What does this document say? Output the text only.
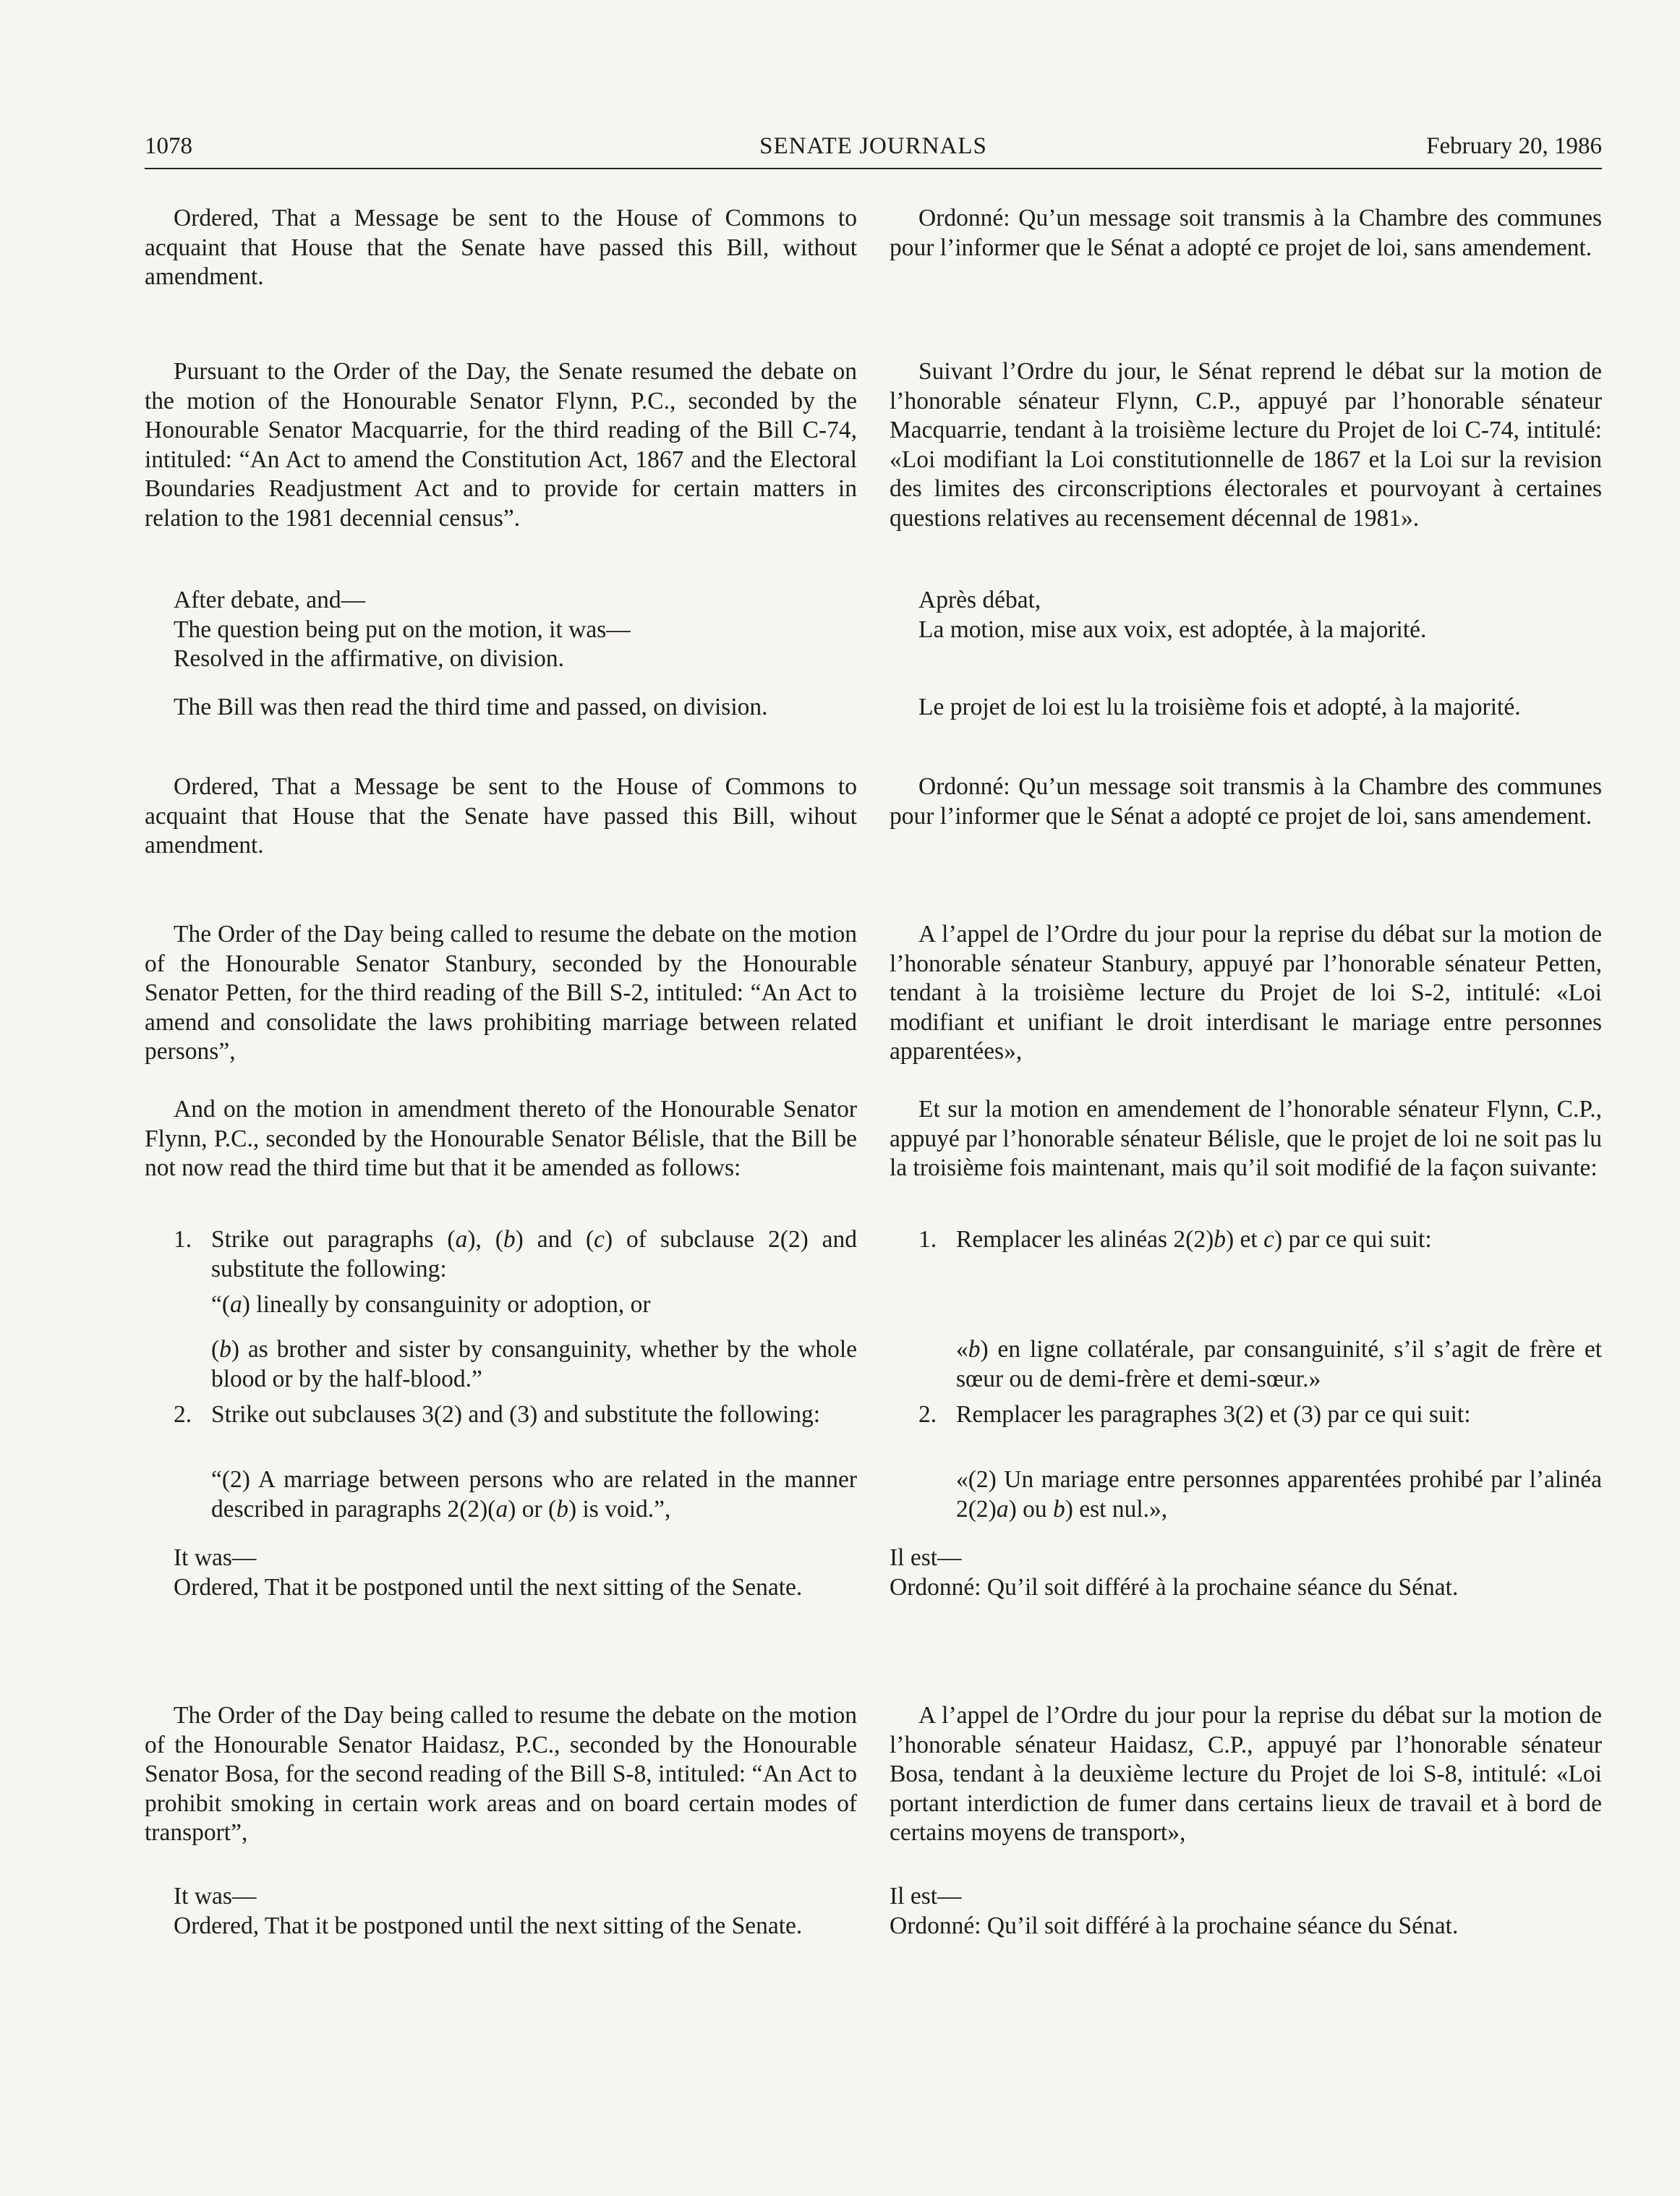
1078	SENATE JOURNALS	February 20, 1986

Ordered, That a Message be sent to the House of Commons to acquaint that House that the Senate have passed this Bill, without amendment.

Pursuant to the Order of the Day, the Senate resumed the debate on the motion of the Honourable Senator Flynn, P.C., seconded by the Honourable Senator Macquarrie, for the third reading of the Bill C-74, intituled: “An Act to amend the Constitution Act, 1867 and the Electoral Boundaries Readjustment Act and to provide for certain matters in relation to the 1981 decennial census”.

After debate, and—
The question being put on the motion, it was—
Resolved in the affirmative, on division.

The Bill was then read the third time and passed, on division.

Ordered, That a Message be sent to the House of Commons to acquaint that House that the Senate have passed this Bill, wihout amendment.

The Order of the Day being called to resume the debate on the motion of the Honourable Senator Stanbury, seconded by the Honourable Senator Petten, for the third reading of the Bill S-2, intituled: “An Act to amend and consolidate the laws prohibiting marriage between related persons”,

And on the motion in amendment thereto of the Honourable Senator Flynn, P.C., seconded by the Honourable Senator Bélisle, that the Bill be not now read the third time but that it be amended as follows:

1. Strike out paragraphs (a), (b) and (c) of subclause 2(2) and substitute the following:
“(a) lineally by consanguinity or adoption, or
(b) as brother and sister by consanguinity, whether by the whole blood or by the half-blood.”
2. Strike out subclauses 3(2) and (3) and substitute the following:
“(2) A marriage between persons who are related in the manner described in paragraphs 2(2)(a) or (b) is void.”,
It was—

Ordered, That it be postponed until the next sitting of the Senate.

The Order of the Day being called to resume the debate on the motion of the Honourable Senator Haidasz, P.C., seconded by the Honourable Senator Bosa, for the second reading of the Bill S-8, intituled: “An Act to prohibit smoking in certain work areas and on board certain modes of transport”,

It was—

Ordered, That it be postponed until the next sitting of the Senate.

Ordonné: Qu’un message soit transmis à la Chambre des communes pour l’informer que le Sénat a adopté ce projet de loi, sans amendement.

Suivant l’Ordre du jour, le Sénat reprend le débat sur la motion de l’honorable sénateur Flynn, C.P., appuyé par l’honorable sénateur Macquarrie, tendant à la troisième lecture du Projet de loi C-74, intitulé: «Loi modifiant la Loi constitutionnelle de 1867 et la Loi sur la revision des limites des circonscriptions électorales et pourvoyant à certaines questions relatives au recensement décennal de 1981».

Après débat,
La motion, mise aux voix, est adoptée, à la majorité.

Le projet de loi est lu la troisième fois et adopté, à la majorité.

Ordonné: Qu’un message soit transmis à la Chambre des communes pour l’informer que le Sénat a adopté ce projet de loi, sans amendement.

A l’appel de l’Ordre du jour pour la reprise du débat sur la motion de l’honorable sénateur Stanbury, appuyé par l’honorable sénateur Petten, tendant à la troisième lecture du Projet de loi S-2, intitulé: «Loi modifiant et unifiant le droit interdisant le mariage entre personnes apparentées»,

Et sur la motion en amendement de l’honorable sénateur Flynn, C.P., appuyé par l’honorable sénateur Bélisle, que le projet de loi ne soit pas lu la troisième fois maintenant, mais qu’il soit modifié de la façon suivante:

1. Remplacer les alinéas 2(2)b) et c) par ce qui suit:
«b) en ligne collatérale, par consanguinité, s’il s’agit de frère et sœur ou de demi-frère et demi-sœur.»
2. Remplacer les paragraphes 3(2) et (3) par ce qui suit:
«(2) Un mariage entre personnes apparentées prohibé par l’alinéa 2(2)a) ou b) est nul.»,
Il est—
Ordonné: Qu’il soit différé à la prochaine séance du Sénat.

A l’appel de l’Ordre du jour pour la reprise du débat sur la motion de l’honorable sénateur Haidasz, C.P., appuyé par l’honorable sénateur Bosa, tendant à la deuxième lecture du Projet de loi S-8, intitulé: «Loi portant interdiction de fumer dans certains lieux de travail et à bord de certains moyens de transport»,

Il est—
Ordonné: Qu’il soit différé à la prochaine séance du Sénat.
